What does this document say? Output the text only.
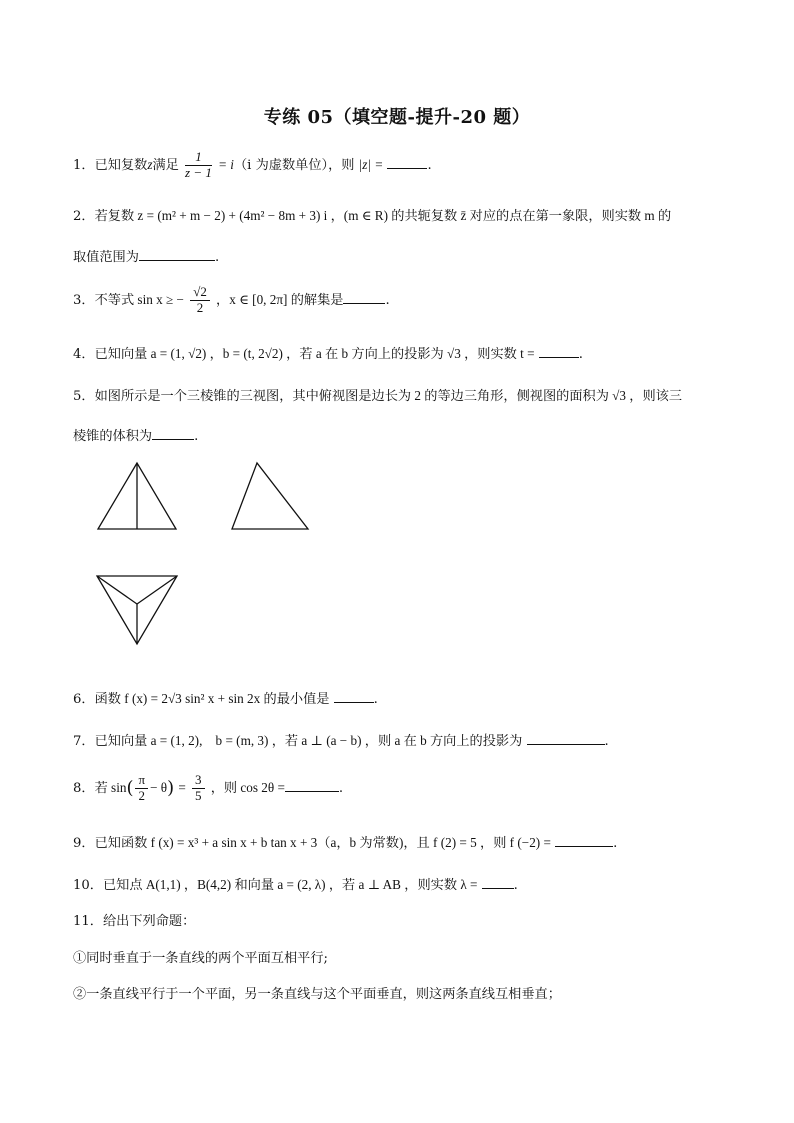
专练 05（填空题-提升-20 题）
1．已知复数z满足 $\frac{1}{z - 1} = i(i$ 为虚数单位），则 |z| =	.
2．若复数 z = (m² + m − 2) + (4m² − 8m + 3) i ，(m ∈ R) 的共轭复数 z̄ 对应的点在第一象限，则实数 m 的
取值范围为	.
3．不等式 sin x ≥ − $\frac{√2}{2}$ ，x ∈ [0, 2π] 的解集是	.
4．已知向量 a = (1, √2) ，b = (t, 2√2) ，若 a 在 b 方向上的投影为 √3 ，则实数 t =	.
5．如图所示是一个三棱锥的三视图，其中俯视图是边长为 2 的等边三角形，侧视图的面积为 √3 ，则该三
棱锥的体积为	.
6．函数 f (x) = 2√3 sin² x + sin 2x 的最小值是	.
7．已知向量 a = (1, 2),　b = (m, 3) ，若 a ⊥ (a − b) ，则 a 在 b 方向上的投影为	.
8．若 $\sin( \frac{\pi}{2} - \theta) = \frac{3}{5}$ ，则 cos 2θ =	.
9．已知函数 f (x) = x³ + a sin x + b tan x + 3（a，b 为常数)，且 f (2) = 5 ，则 f (−2) =	.
10．已知点 A(1,1) ，B(4,2) 和向量 a = (2, λ) ，若 a ⊥ AB ，则实数 λ =	.
11．给出下列命题：
①同时垂直于一条直线的两个平面互相平行;
②一条直线平行于一个平面，另一条直线与这个平面垂直，则这两条直线互相垂直；
